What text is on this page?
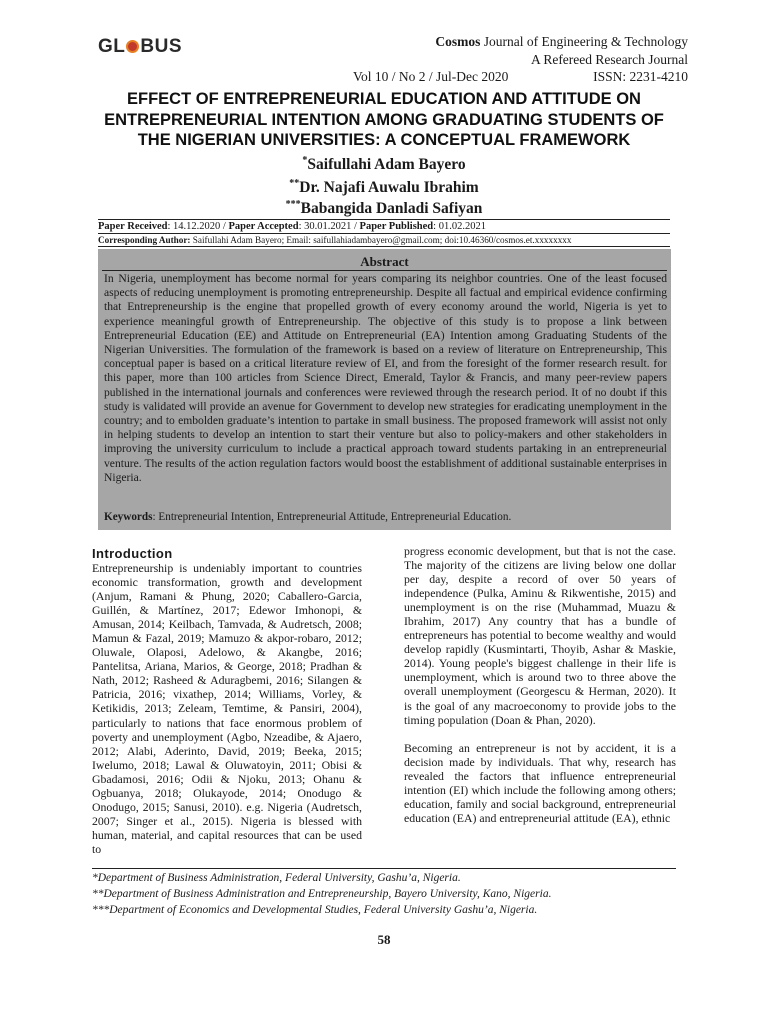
GL BUS	Cosmos Journal of Engineering & Technology
A Refereed Research Journal
Vol 10 / No 2 / Jul-Dec 2020	ISSN: 2231-4210
EFFECT OF ENTREPRENEURIAL EDUCATION AND ATTITUDE ON
ENTREPRENEURIAL INTENTION AMONG GRADUATING STUDENTS OF
THE NIGERIAN UNIVERSITIES: A CONCEPTUAL FRAMEWORK
*Saifullahi Adam Bayero
**Dr. Najafi Auwalu Ibrahim
***Babangida Danladi Safiyan
Paper Received: 14.12.2020 / Paper Accepted: 30.01.2021 / Paper Published: 01.02.2021
Corresponding Author: Saifullahi Adam Bayero; Email: saifullahiadambayero@gmail.com; doi:10.46360/cosmos.et.xxxxxxxx
Abstract
In Nigeria, unemployment has become normal for years comparing its neighbor countries. One of the least focused aspects of reducing unemployment is promoting entrepreneurship. Despite all factual and empirical evidence confirming that Entrepreneurship is the engine that propelled growth of every economy around the world, Nigeria is yet to experience meaningful growth of Entrepreneurship. The objective of this study is to propose a link between Entrepreneurial Education (EE) and Attitude on Entrepreneurial (EA) Intention among Graduating Students of the Nigerian Universities. The formulation of the framework is based on a review of literature on Entrepreneurship, This conceptual paper is based on a critical literature review of EI, and from the foresight of the former research result. for this paper, more than 100 articles from Science Direct, Emerald, Taylor & Francis, and many peer-review papers published in the international journals and conferences were reviewed through the research period. It of no doubt if this study is validated will provide an avenue for Government to develop new strategies for eradicating unemployment in the country; and to embolden graduate’s intention to partake in small business. The proposed framework will assist not only in helping students to develop an intention to start their venture but also to policy-makers and other stakeholders in improving the university curriculum to include a practical approach toward students partaking in an entrepreneurial venture. The results of the action regulation factors would boost the establishment of additional sustainable enterprises in Nigeria.
Keywords: Entrepreneurial Intention, Entrepreneurial Attitude, Entrepreneurial Education.
Introduction
Entrepreneurship is undeniably important to countries economic transformation, growth and development (Anjum, Ramani & Phung, 2020; Caballero-Garcia, Guillén, & Martínez, 2017; Edewor Imhonopi, & Amusan, 2014; Keilbach, Tamvada, & Audretsch, 2008; Mamun & Fazal, 2019; Mamuzo & akpor-robaro, 2012; Oluwale, Olaposi, Adelowo, & Akangbe, 2016; Pantelitsa, Ariana, Marios, & George, 2018; Pradhan & Nath, 2012; Rasheed & Aduragbemi, 2016; Silangen & Patricia, 2016; vixathep, 2014; Williams, Vorley, & Ketikidis, 2013; Zeleam, Temtime, & Pansiri, 2004), particularly to nations that face enormous problem of poverty and unemployment (Agbo, Nzeadibe, & Ajaero, 2012; Alabi, Aderinto, David, 2019; Beeka, 2015; Iwelumo, 2018; Lawal & Oluwatoyin, 2011; Obisi & Gbadamosi, 2016; Odii & Njoku, 2013; Ohanu & Ogbuanya, 2018; Olukayode, 2014; Onodugo & Onodugo, 2015; Sanusi, 2010). e.g. Nigeria (Audretsch, 2007; Singer et al., 2015). Nigeria is blessed with human, material, and capital resources that can be used to
progress economic development, but that is not the case. The majority of the citizens are living below one dollar per day, despite a record of over 50 years of independence (Pulka, Aminu & Rikwentishe, 2015) and unemployment is on the rise (Muhammad, Muazu & Ibrahim, 2017) Any country that has a bundle of entrepreneurs has potential to become wealthy and would develop rapidly (Kusmintarti, Thoyib, Ashar & Maskie, 2014). Young people's biggest challenge in their life is unemployment, which is around two to three above the overall unemployment (Georgescu & Herman, 2020). It is the goal of any macroeconomy to provide jobs to the timing population (Doan & Phan, 2020).
Becoming an entrepreneur is not by accident, it is a decision made by individuals. That why, research has revealed the factors that influence entrepreneurial intention (EI) which include the following among others; education, family and social background, entrepreneurial education (EA) and entrepreneurial attitude (EA), ethnic
*Department of Business Administration, Federal University, Gashu’a, Nigeria.
**Department of Business Administration and Entrepreneurship, Bayero University, Kano, Nigeria.
***Department of Economics and Developmental Studies, Federal University Gashu’a, Nigeria.
58
